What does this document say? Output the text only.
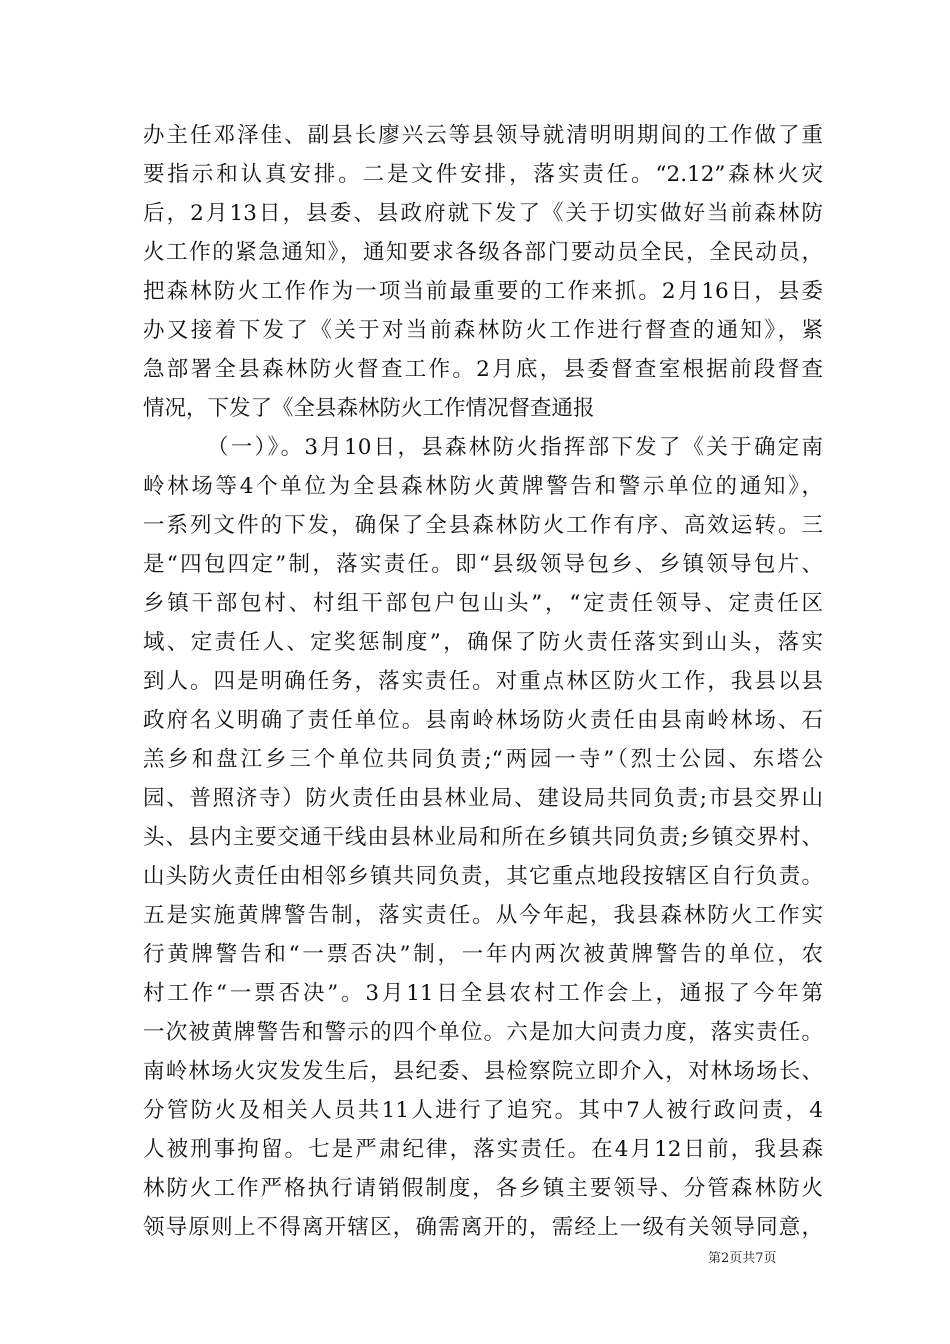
办主任邓泽佳、副县长廖兴云等县领导就清明明期间的工作做了重
要指示和认真安排。二是文件安排，落实责任。“2.12”森林火灾
后，2月13日，县委、县政府就下发了《关于切实做好当前森林防
火工作的紧急通知》，通知要求各级各部门要动员全民，全民动员，
把森林防火工作作为一项当前最重要的工作来抓。2月16日，县委
办又接着下发了《关于对当前森林防火工作进行督查的通知》，紧
急部署全县森林防火督查工作。2月底，县委督查室根据前段督查
情况，下发了《全县森林防火工作情况督查通报
（一）》。3月10日，县森林防火指挥部下发了《关于确定南
岭林场等4个单位为全县森林防火黄牌警告和警示单位的通知》，
一系列文件的下发，确保了全县森林防火工作有序、高效运转。三
是“四包四定”制，落实责任。即“县级领导包乡、乡镇领导包片、
乡镇干部包村、村组干部包户包山头”，“定责任领导、定责任区
域、定责任人、定奖惩制度”，确保了防火责任落实到山头，落实
到人。四是明确任务，落实责任。对重点林区防火工作，我县以县
政府名义明确了责任单位。县南岭林场防火责任由县南岭林场、石
羔乡和盘江乡三个单位共同负责;“两园一寺”（烈士公园、东塔公
园、普照济寺）防火责任由县林业局、建设局共同负责;市县交界山
头、县内主要交通干线由县林业局和所在乡镇共同负责;乡镇交界村、
山头防火责任由相邻乡镇共同负责，其它重点地段按辖区自行负责。
五是实施黄牌警告制，落实责任。从今年起，我县森林防火工作实
行黄牌警告和“一票否决”制，一年内两次被黄牌警告的单位，农
村工作“一票否决”。3月11日全县农村工作会上，通报了今年第
一次被黄牌警告和警示的四个单位。六是加大问责力度，落实责任。
南岭林场火灾发发生后，县纪委、县检察院立即介入，对林场场长、
分管防火及相关人员共11人进行了追究。其中7人被行政问责，4
人被刑事拘留。七是严肃纪律，落实责任。在4月12日前，我县森
林防火工作严格执行请销假制度，各乡镇主要领导、分管森林防火
领导原则上不得离开辖区，确需离开的，需经上一级有关领导同意，
第2页共7页
